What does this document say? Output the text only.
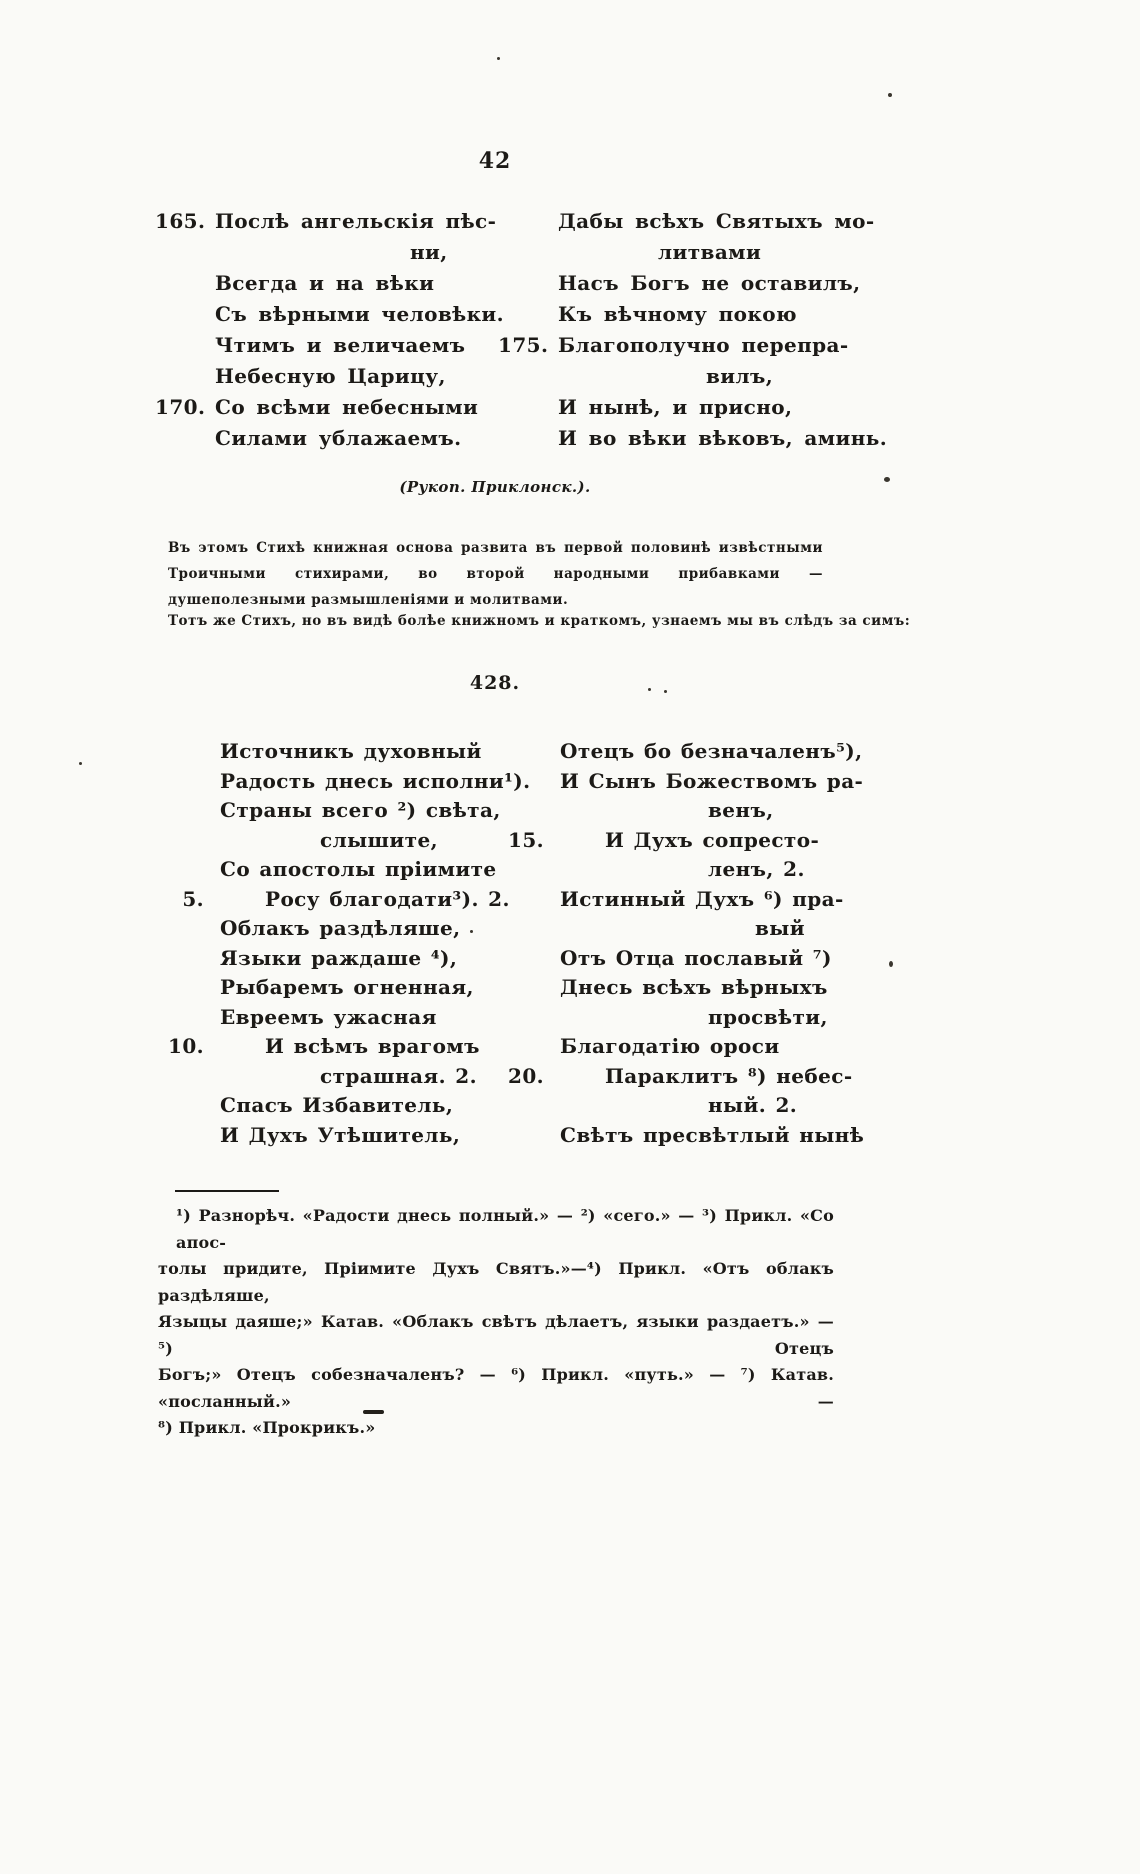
42
165. Послѣ ангельскія пѣс-
ни,
Всегда и на вѣки
Съ вѣрными человѣки.
Чтимъ и величаемъ
Небесную Царицу,
170. Со всѣми небесными
Силами ублажаемъ.
Дабы всѣхъ Святыхъ мо-
литвами
Насъ Богъ не оставилъ,
Къ вѣчному покою
175. Благополучно перепра-
вилъ,
И нынѣ, и присно,
И во вѣки вѣковъ, аминь.
(Рукоп. Приклонск.).
Въ этомъ Стихѣ книжная основа развита въ первой половинѣ извѣстными Троичными стихирами, во второй народными прибавками — душеполезными размышленіями и молитвами.
Тотъ же Стихъ, но въ видѣ болѣе книжномъ и краткомъ, узнаемъ мы въ слѣдъ за симъ:
428.
Источникъ духовный
Радость днесь исполни¹).
Страны всего ²) свѣта,
слышите,
Со апостолы пріимите
5.	Росу благодати³). 2.
Облакъ раздѣляше,
Языки раждаше ⁴),
Рыбаремъ огненная,
Евреемъ ужасная
10.	И всѣмъ врагомъ
страшная. 2.
Спасъ Избавитель,
И Духъ Утѣшитель,
Отецъ бо безначаленъ⁵),
И Сынъ Божествомъ ра-
венъ,
15.	И Духъ сопресто-
ленъ, 2.
Истинный Духъ ⁶) пра-
вый
Отъ Отца пославый ⁷)
Днесь всѣхъ вѣрныхъ
просвѣти,
Благодатію ороси
20.	Параклитъ ⁸) небес-
ный. 2.
Свѣтъ пресвѣтлый нынѣ
¹) Разнорѣч. «Радости днесь полный.» — ²) «сего.» — ³) Прикл. «Со апос-
толы придите, Пріимите Духъ Святъ.»—⁴) Прикл. «Отъ облакъ раздѣляше,
Языцы даяше;» Катав. «Облакъ свѣтъ дѣлаетъ, языки раздаетъ.» — ⁵) Отецъ
Богъ;» Отецъ собезначаленъ? — ⁶) Прикл. «путь.» — ⁷) Катав. «посланный.» —
⁸) Прикл. «Прокрикъ.»
